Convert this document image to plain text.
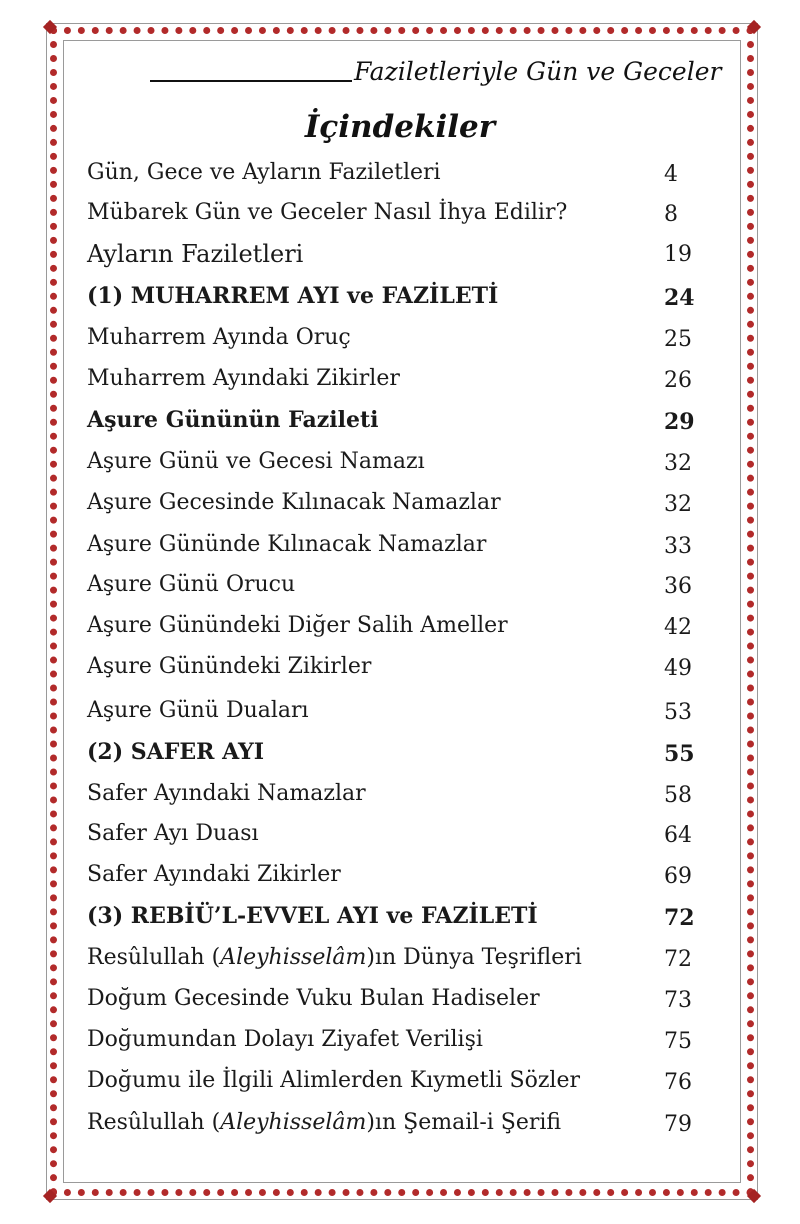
Faziletleriyle Gün ve Geceler
İçindekiler
Gün, Gece ve Ayların Faziletleri	4
Mübarek Gün ve Geceler Nasıl İhya Edilir?	8
Ayların Faziletleri	19
(1) MUHARREM AYI ve FAZİLETİ	24
Muharrem Ayında Oruç	25
Muharrem Ayındaki Zikirler	26
Aşure Gününün Fazileti	29
Aşure Günü ve Gecesi Namazı	32
Aşure Gecesinde Kılınacak Namazlar	32
Aşure Gününde Kılınacak Namazlar	33
Aşure Günü Orucu	36
Aşure Günündeki Diğer Salih Ameller	42
Aşure Günündeki Zikirler	49
Aşure Günü Duaları	53
(2) SAFER AYI	55
Safer Ayındaki Namazlar	58
Safer Ayı Duası	64
Safer Ayındaki Zikirler	69
(3) REBİÜ’L-EVVEL AYI ve FAZİLETİ	72
Resûlullah (Aleyhisselâm)ın Dünya Teşrifleri	72
Doğum Gecesinde Vuku Bulan Hadiseler	73
Doğumundan Dolayı Ziyafet Verilişi	75
Doğumu ile İlgili Alimlerden Kıymetli Sözler	76
Resûlullah (Aleyhisselâm)ın Şemail-i Şerifi	79
